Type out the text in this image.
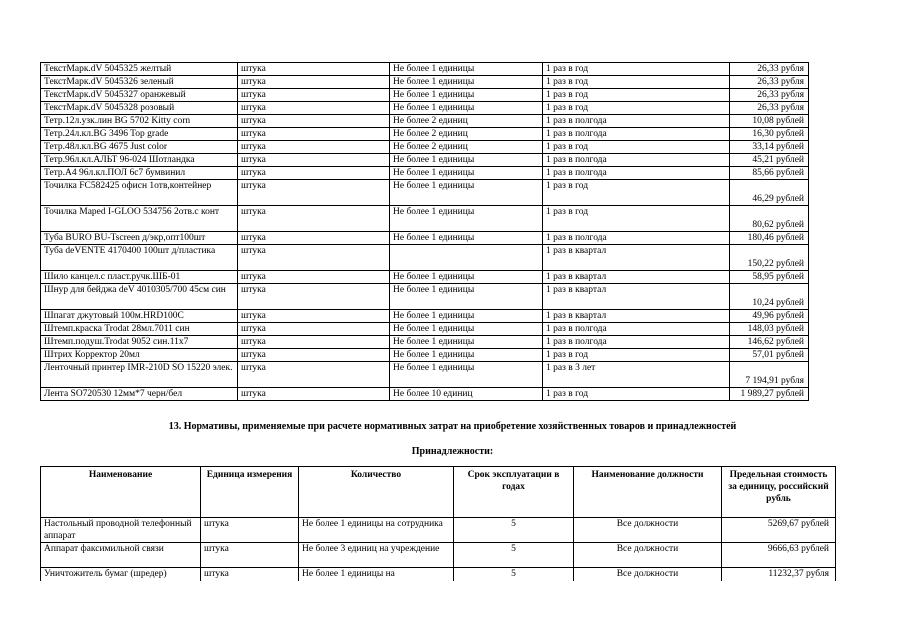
ТекстМарк.dV 5045325 желтый	штука	Не более 1 единицы	1 раз в год	26,33 рубля
ТекстМарк.dV 5045326 зеленый	штука	Не более 1 единицы	1 раз в год	26,33 рубля
ТекстМарк.dV 5045327 оранжевый	штука	Не более 1 единицы	1 раз в год	26,33 рубля
ТекстМарк.dV 5045328 розовый	штука	Не более 1 единицы	1 раз в год	26,33 рубля
Тетр.12л.узк.лин BG 5702 Kitty corn	штука	Не более 2 единиц	1 раз в полгода	10,08 рублей
Тетр.24л.кл.BG 3496 Top grade	штука	Не более 2 единиц	1 раз в полгода	16,30 рублей
Тетр.48л.кл.BG 4675 Just color	штука	Не более 2 единиц	1 раз в год	33,14 рублей
Тетр.96л.кл.АЛЬТ 96-024 Шотландка	штука	Не более 1 единицы	1 раз в полгода	45,21 рублей
Тетр.А4 96л.кл.ПОЛ 6с7 бумвинил	штука	Не более 1 единицы	1 раз в полгода	85,66 рублей
Точилка FC582425 офисн 1отв,контейнер	штука	Не более 1 единицы	1 раз в год	46,29 рублей
Точилка Maped I-GLOO 534756 2отв.с конт	штука	Не более 1 единицы	1 раз в год	80,62 рублей
Туба BURO BU-Tscreen д/экр,опт100шт	штука	Не более 1 единицы	1 раз в полгода	180,46 рублей
Туба deVENTE 4170400 100шт д/пластика	штука		1 раз в квартал	150,22 рублей
Шило канцел.с пласт.ручк.ШБ-01	штука	Не более 1 единицы	1 раз в квартал	58,95 рублей
Шнур для бейджа deV 4010305/700 45см син	штука	Не более 1 единицы	1 раз в квартал	10,24 рублей
Шпагат джутовый 100м.HRD100C	штука	Не более 1 единицы	1 раз в квартал	49,96 рублей
Штемп.краска Trodat 28мл.7011 син	штука	Не более 1 единицы	1 раз в полгода	148,03 рублей
Штемп.подуш.Trodat 9052 син.11х7	штука	Не более 1 единицы	1 раз в полгода	146,62 рублей
Штрих Корректор 20мл	штука	Не более 1 единицы	1 раз в год	57,01 рублей
Ленточный принтер IMR-210D SO 15220 элек.	штука	Не более 1 единицы	1 раз в 3 лет	7 194,91 рубля
Лента SO720530 12мм*7 черн/бел	штука	Не более 10 единиц	1 раз в год	1 989,27 рублей
13. Нормативы, применяемые при расчете нормативных затрат на приобретение хозяйственных товаров и принадлежностей
Принадлежности:
Наименование	Единица измерения	Количество	Срок эксплуатации в годах	Наименование должности	Предельная стоимость за единицу, российский рубль
Настольный проводной телефонный аппарат	штука	Не более 1 единицы на сотрудника	5	Все должности	5269,67 рублей
Аппарат факсимильной связи	штука	Не более 3 единиц на учреждение	5	Все должности	9666,63 рублей
Уничтожитель бумаг (шредер)	штука	Не более 1 единицы на	5	Все должности	11232,37 рубля
